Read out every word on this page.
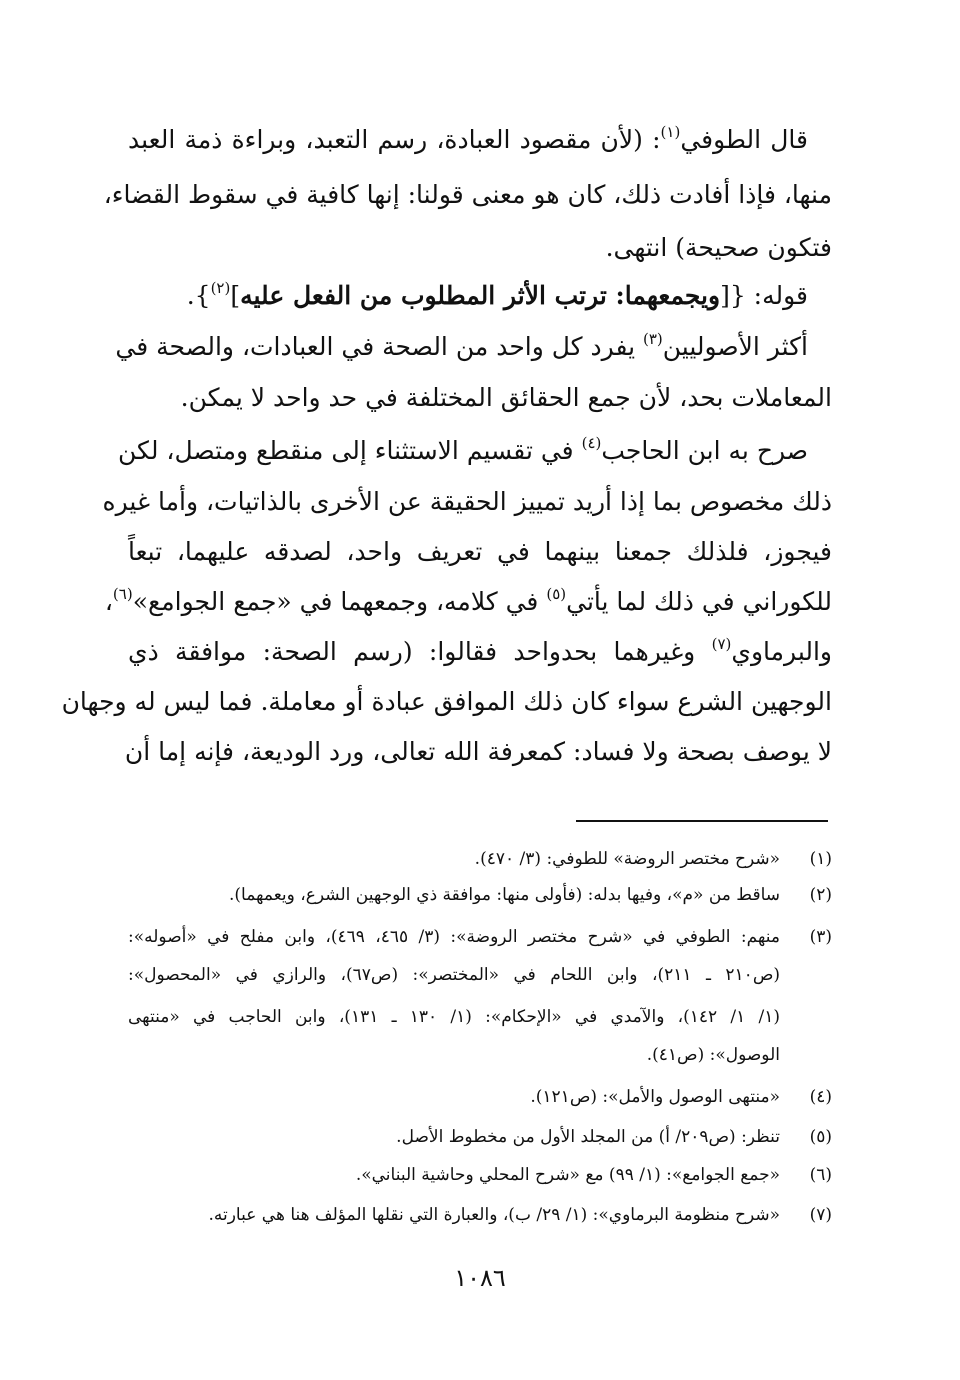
قال الطوفي$^{(١)}$: (لأن مقصود العبادة، رسم التعبد، وبراءة ذمة العبد

منها، فإذا أفادت ذلك، كان هو معنى قولنا: إنها كافية في سقوط القضاء،

فتكون صحيحة) انتهى.

قوله: {[ويجمعهما: ترتب الأثر المطلوب من الفعل عليه]$^{(٢)}$}.

أكثر الأصوليين$^{(٣)}$ يفرد كل واحد من الصحة في العبادات، والصحة في

المعاملات بحد، لأن جمع الحقائق المختلفة في حد واحد لا يمكن.

صرح به ابن الحاجب$^{(٤)}$ في تقسيم الاستثناء إلى منقطع ومتصل، لكن

ذلك مخصوص بما إذا أريد تمييز الحقيقة عن الأخرى بالذاتيات، وأما غيره

فيجوز، فلذلك جمعنا بينهما في تعريف واحد، لصدقه عليهما، تبعاً

للكوراني في ذلك لما يأتي$^{(٥)}$ في كلامه، وجمعهما في «جمع الجوامع»$^{(٦)}$،

والبرماوي$^{(٧)}$ وغيرهما بحدواحد فقالوا: (رسم الصحة: موافقة ذي

الوجهين الشرع سواء كان ذلك الموافق عبادة أو معاملة. فما ليس له وجهان

لا يوصف بصحة ولا فساد: كمعرفة الله تعالى، ورد الوديعة، فإنه إما أن

(١)
«شرح مختصر الروضة» للطوفي: (٣/ ٤٧٠).
(٢)
ساقط من «م»، وفيها بدله: (فأولى منها: موافقة ذي الوجهين الشرع، ويعمهما).
(٣)
منهم: الطوفي في «شرح مختصر الروضة»: (٣/ ٤٦٥، ٤٦٩)، وابن مفلح في «أصوله»:

(ص٢١٠ ـ ٢١١)، وابن اللحام في «المختصر»: (ص٦٧)، والرازي في «المحصول»:

(١/ ١/ ١٤٢)، والآمدي في «الإحكام»: (١/ ١٣٠ ـ ١٣١)، وابن الحاجب في «منتهى

الوصول»: (ص٤١).

(٤)
«منتهى الوصول والأمل»: (ص١٢١).
(٥)
تنظر: (ص٢٠٩/ أ) من المجلد الأول من مخطوط الأصل.
(٦)
«جمع الجوامع»: (١/ ٩٩) مع «شرح المحلي وحاشية البناني».
(٧)
«شرح منظومة البرماوي»: (١/ ٢٩/ ب)، والعبارة التي نقلها المؤلف هنا هي عبارته.
١٠٨٦
